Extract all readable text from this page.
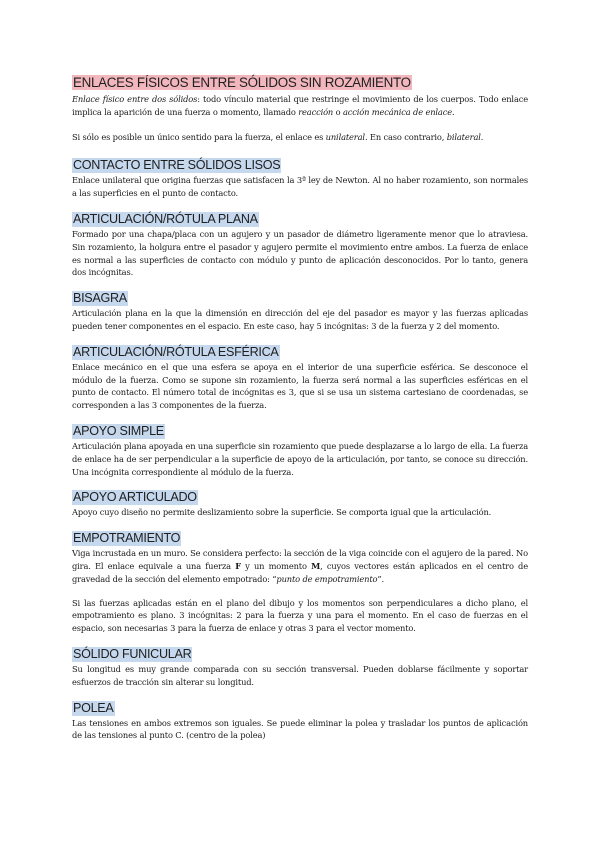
ENLACES FÍSICOS ENTRE SÓLIDOS SIN ROZAMIENTO

Enlace físico entre dos sólidos: todo vínculo material que restringe el movimiento de los cuerpos. Todo enlace implica la aparición de una fuerza o momento, llamado reacción o acción mecánica de enlace.

Si sólo es posible un único sentido para la fuerza, el enlace es unilateral. En caso contrario, bilateral.

CONTACTO ENTRE SÓLIDOS LISOS

Enlace unilateral que origina fuerzas que satisfacen la 3ª ley de Newton. Al no haber rozamiento, son normales a las superficies en el punto de contacto.

ARTICULACIÓN/RÓTULA PLANA

Formado por una chapa/placa con un agujero y un pasador de diámetro ligeramente menor que lo atraviesa. Sin rozamiento, la holgura entre el pasador y agujero permite el movimiento entre ambos. La fuerza de enlace es normal a las superficies de contacto con módulo y punto de aplicación desconocidos. Por lo tanto, genera dos incógnitas.

BISAGRA

Articulación plana en la que la dimensión en dirección del eje del pasador es mayor y las fuerzas aplicadas pueden tener componentes en el espacio. En este caso, hay 5 incógnitas: 3 de la fuerza y 2 del momento.

ARTICULACIÓN/RÓTULA ESFÉRICA

Enlace mecánico en el que una esfera se apoya en el interior de una superficie esférica. Se desconoce el módulo de la fuerza. Como se supone sin rozamiento, la fuerza será normal a las superficies esféricas en el punto de contacto. El número total de incógnitas es 3, que si se usa un sistema cartesiano de coordenadas, se corresponden a las 3 componentes de la fuerza.

APOYO SIMPLE

Articulación plana apoyada en una superficie sin rozamiento que puede desplazarse a lo largo de ella. La fuerza de enlace ha de ser perpendicular a la superficie de apoyo de la articulación, por tanto, se conoce su dirección. Una incógnita correspondiente al módulo de la fuerza.

APOYO ARTICULADO

Apoyo cuyo diseño no permite deslizamiento sobre la superficie. Se comporta igual que la articulación.

EMPOTRAMIENTO

Viga incrustada en un muro. Se considera perfecto: la sección de la viga coincide con el agujero de la pared. No gira. El enlace equivale a una fuerza F y un momento M, cuyos vectores están aplicados en el centro de gravedad de la sección del elemento empotrado: “punto de empotramiento”.

Si las fuerzas aplicadas están en el plano del dibujo y los momentos son perpendiculares a dicho plano, el empotramiento es plano. 3 incógnitas: 2 para la fuerza y una para el momento. En el caso de fuerzas en el espacio, son necesarias 3 para la fuerza de enlace y otras 3 para el vector momento.

SÓLIDO FUNICULAR

Su longitud es muy grande comparada con su sección transversal. Pueden doblarse fácilmente y soportar esfuerzos de tracción sin alterar su longitud.

POLEA

Las tensiones en ambos extremos son iguales. Se puede eliminar la polea y trasladar los puntos de aplicación de las tensiones al punto C. (centro de la polea)
